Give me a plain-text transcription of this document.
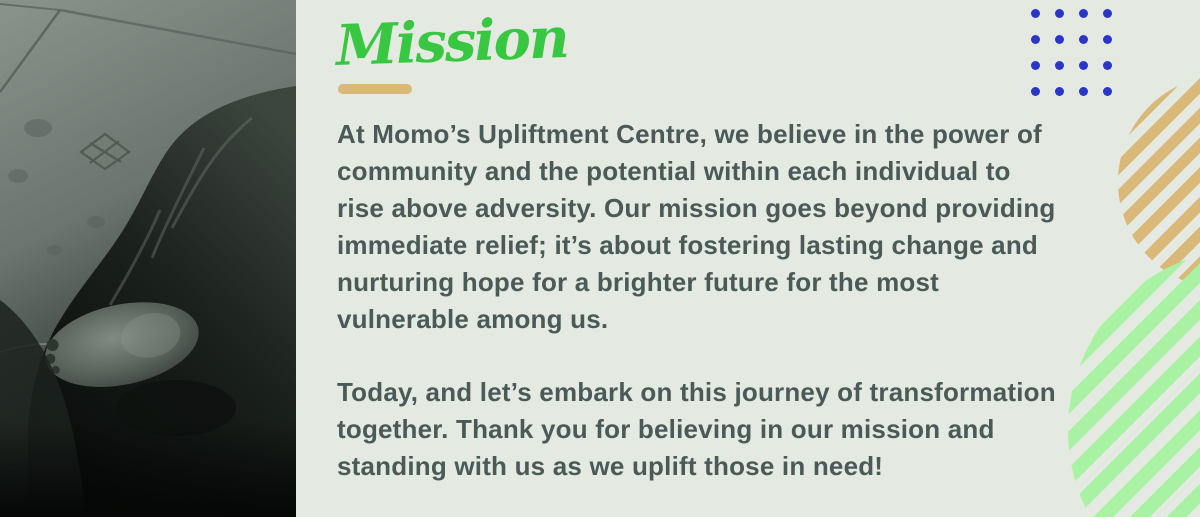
Mission

At Momo’s Upliftment Centre, we believe in the power of community and the potential within each individual to rise above adversity. Our mission goes beyond providing immediate relief; it’s about fostering lasting change and nurturing hope for a brighter future for the most vulnerable among us.

Today, and let’s embark on this journey of transformation together. Thank you for believing in our mission and standing with us as we uplift those in need!
